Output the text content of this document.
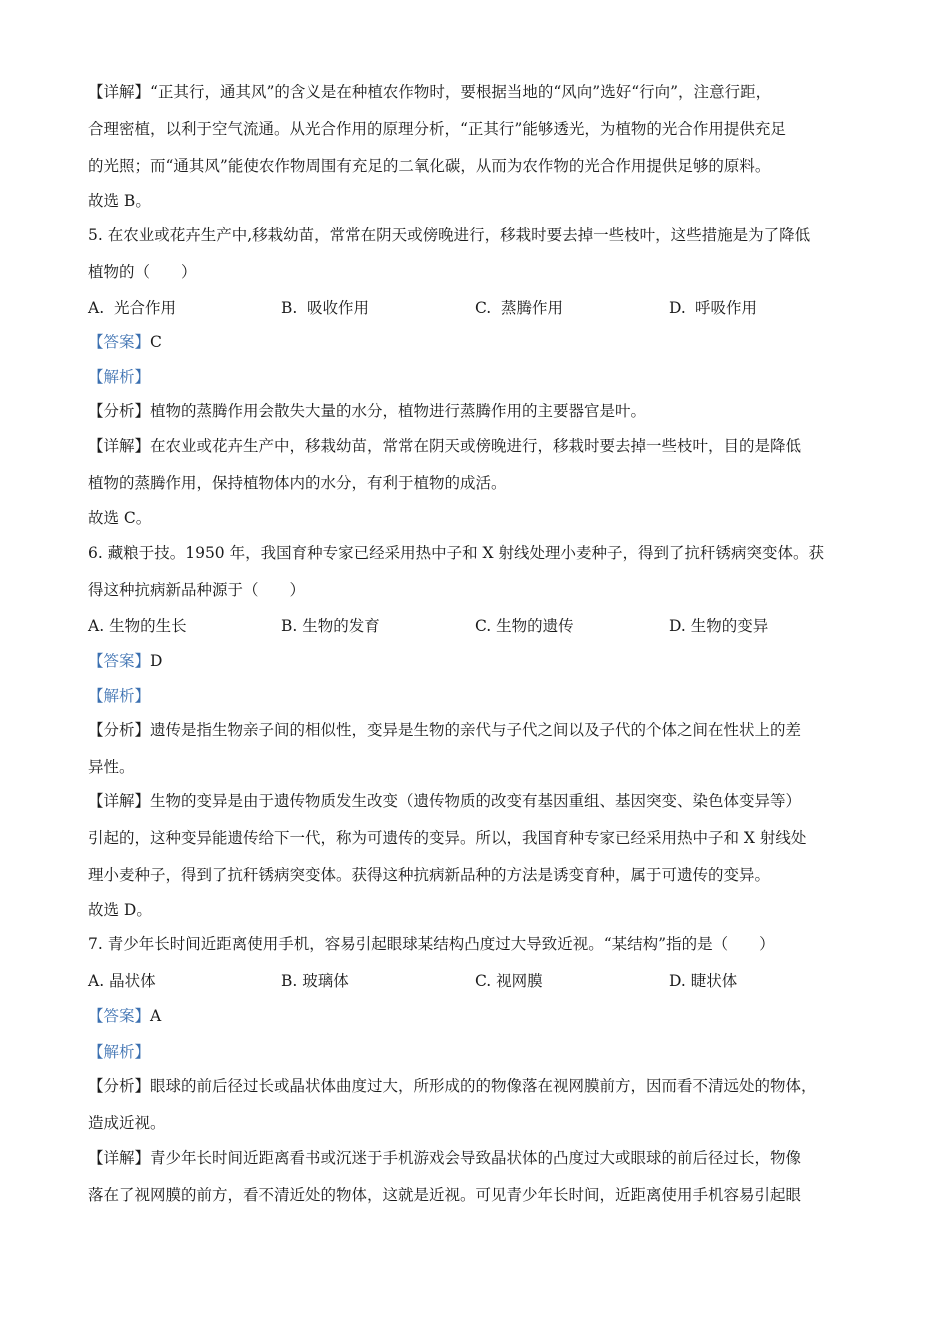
【详解】“正其行，通其风”的含义是在种植农作物时，要根据当地的“风向”选好“行向”，注意行距，
合理密植，以利于空气流通。从光合作用的原理分析，“正其行”能够透光，为植物的光合作用提供充足
的光照；而“通其风”能使农作物周围有充足的二氧化碳，从而为农作物的光合作用提供足够的原料。
故选 B。
5. 在农业或花卉生产中,移栽幼苗，常常在阴天或傍晚进行，移栽时要去掉一些枝叶，这些措施是为了降低
植物的（　　）
A. 光合作用	B. 吸收作用	C. 蒸腾作用	D. 呼吸作用
【答案】C
【解析】
【分析】植物的蒸腾作用会散失大量的水分，植物进行蒸腾作用的主要器官是叶。
【详解】在农业或花卉生产中，移栽幼苗，常常在阴天或傍晚进行，移栽时要去掉一些枝叶，目的是降低
植物的蒸腾作用，保持植物体内的水分，有利于植物的成活。
故选 C。
6. 藏粮于技。1950 年，我国育种专家已经采用热中子和 X 射线处理小麦种子，得到了抗秆锈病突变体。获
得这种抗病新品种源于（　　）
A. 生物的生长	B. 生物的发育	C. 生物的遗传	D. 生物的变异
【答案】D
【解析】
【分析】遗传是指生物亲子间的相似性，变异是生物的亲代与子代之间以及子代的个体之间在性状上的差
异性。
【详解】生物的变异是由于遗传物质发生改变（遗传物质的改变有基因重组、基因突变、染色体变异等）
引起的，这种变异能遗传给下一代，称为可遗传的变异。所以，我国育种专家已经采用热中子和 X 射线处
理小麦种子，得到了抗秆锈病突变体。获得这种抗病新品种的方法是诱变育种，属于可遗传的变异。
故选 D。
7. 青少年长时间近距离使用手机，容易引起眼球某结构凸度过大导致近视。“某结构”指的是（　　）
A. 晶状体	B. 玻璃体	C. 视网膜	D. 睫状体
【答案】A
【解析】
【分析】眼球的前后径过长或晶状体曲度过大，所形成的的物像落在视网膜前方，因而看不清远处的物体，
造成近视。
【详解】青少年长时间近距离看书或沉迷于手机游戏会导致晶状体的凸度过大或眼球的前后径过长，物像
落在了视网膜的前方，看不清近处的物体，这就是近视。可见青少年长时间，近距离使用手机容易引起眼
